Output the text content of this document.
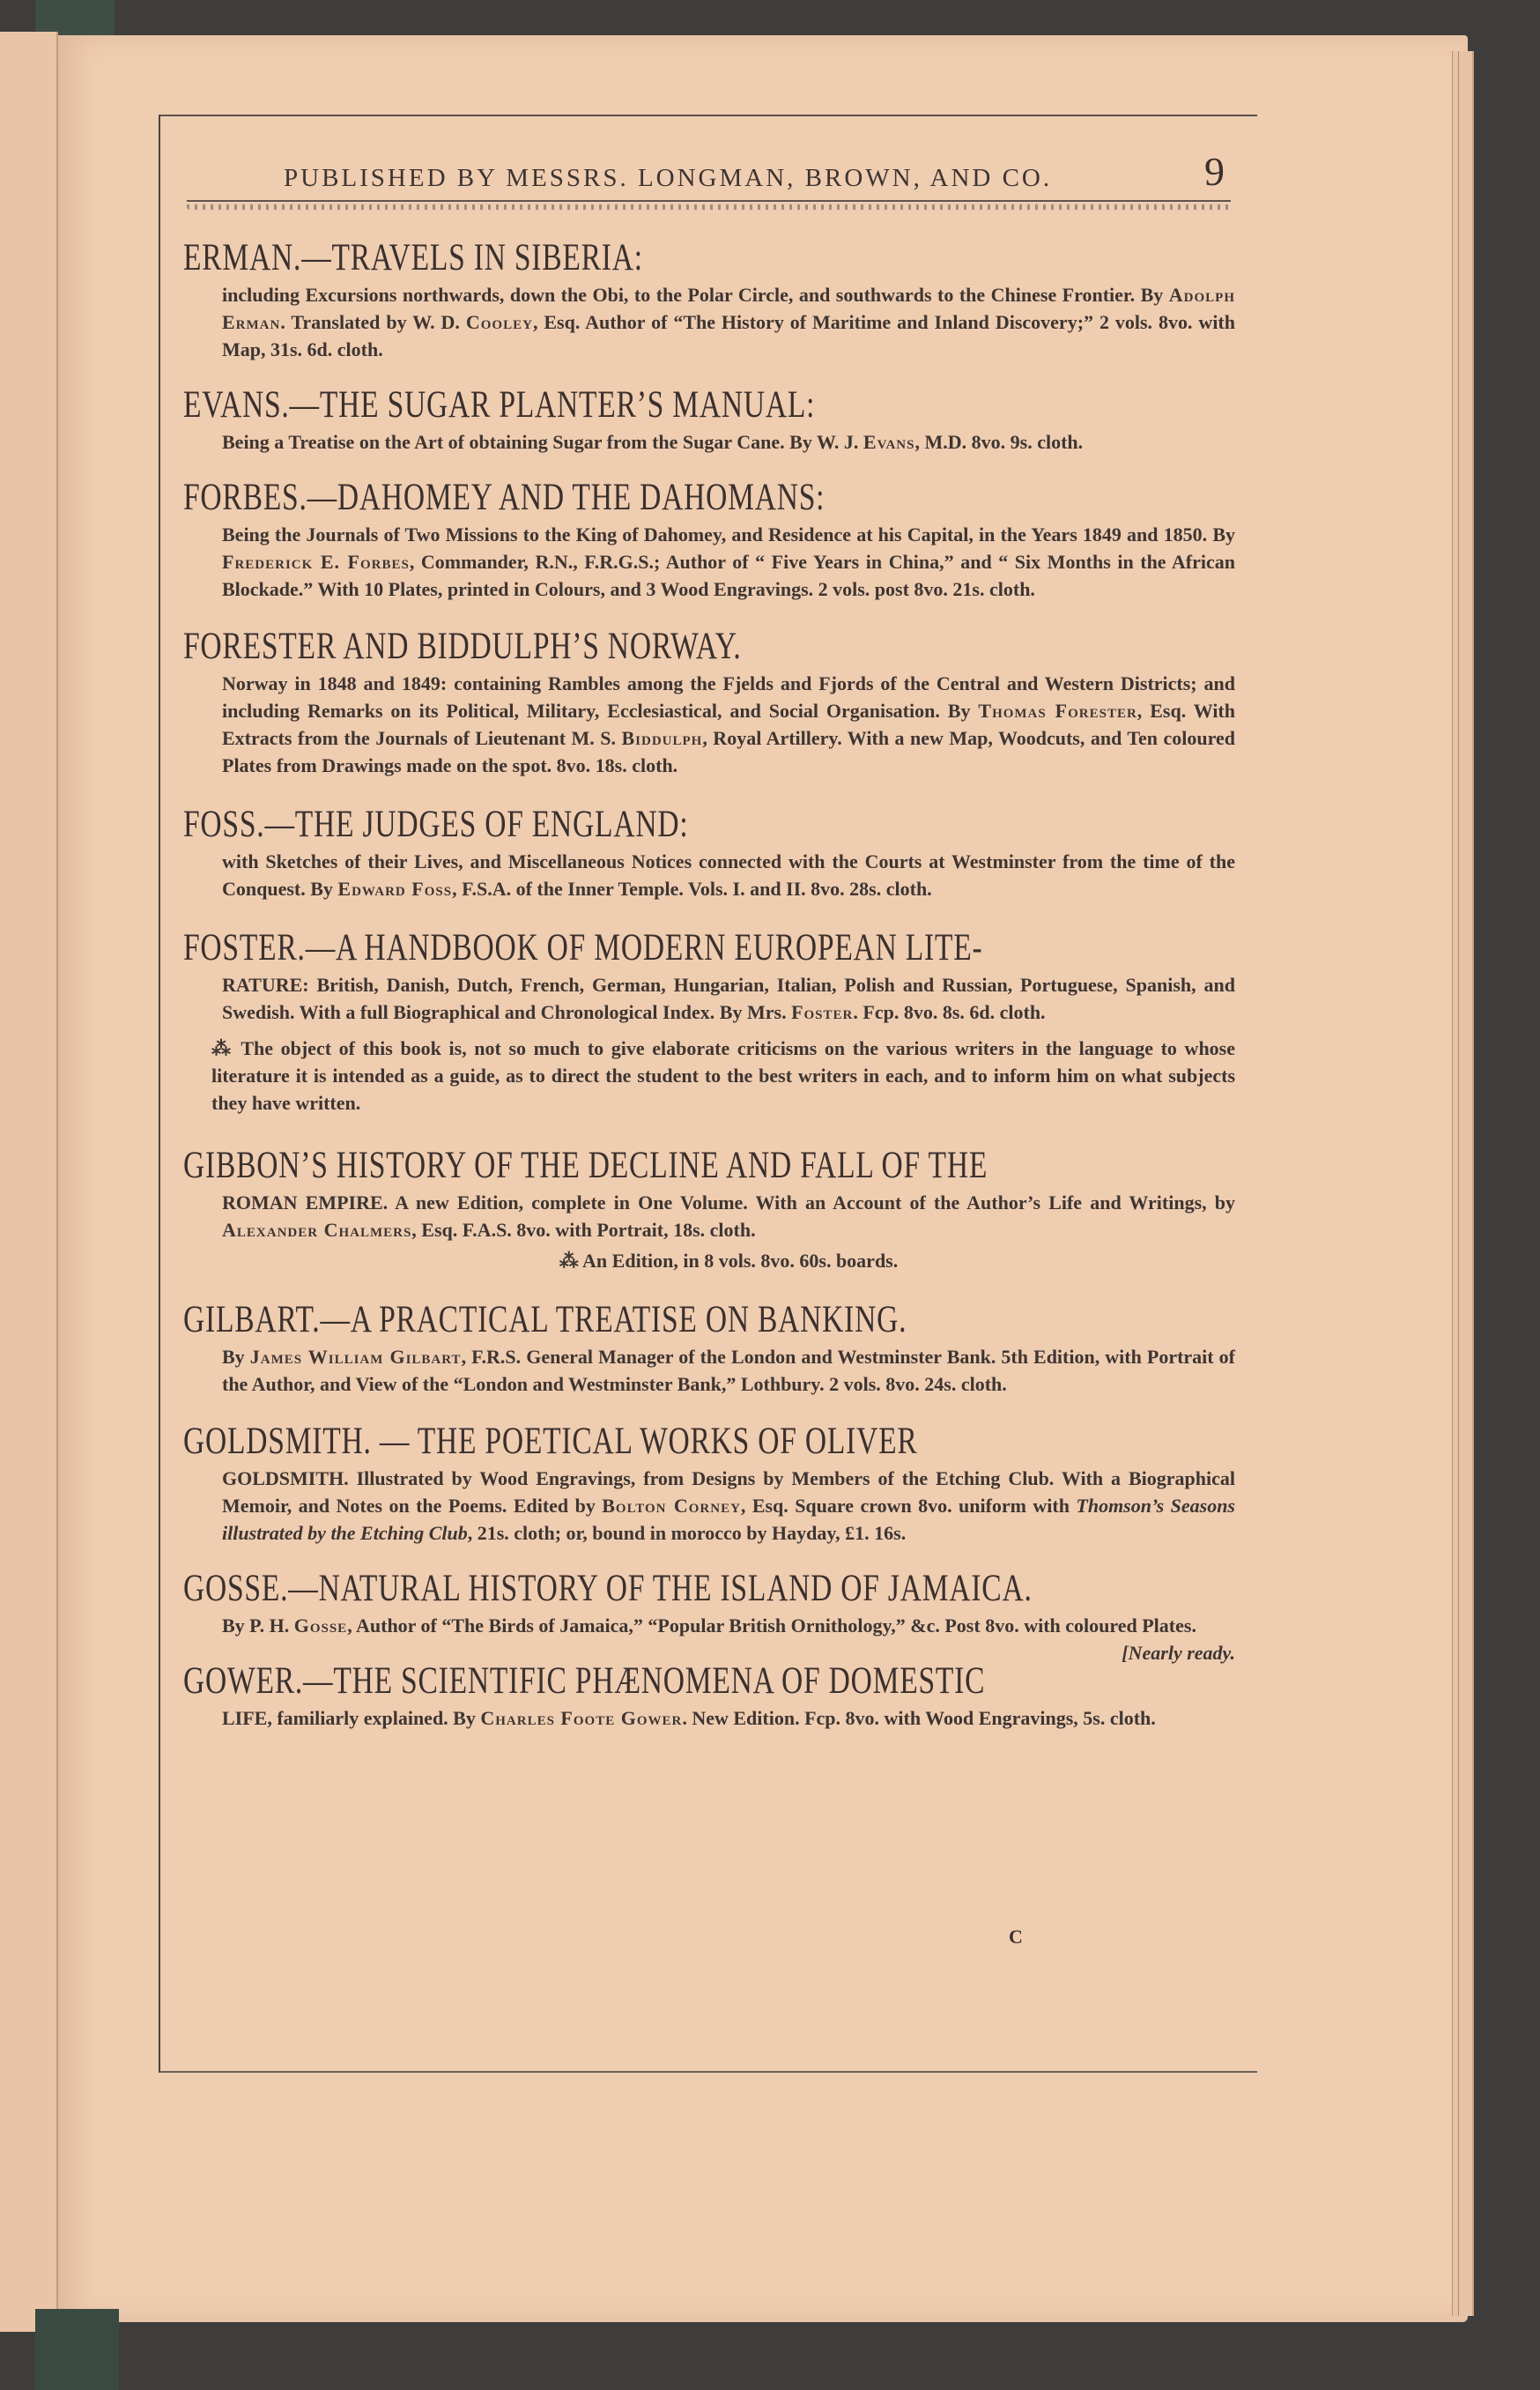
PUBLISHED BY MESSRS. LONGMAN, BROWN, AND CO.	9
ERMAN.—TRAVELS IN SIBERIA:
including Excursions northwards, down the Obi, to the Polar Circle, and southwards to the Chinese Frontier. By Adolph Erman. Translated by W. D. Cooley, Esq. Author of “The History of Maritime and Inland Discovery;” 2 vols. 8vo. with Map, 31s. 6d. cloth.
EVANS.—THE SUGAR PLANTER’S MANUAL:
Being a Treatise on the Art of obtaining Sugar from the Sugar Cane. By W. J. Evans, M.D. 8vo. 9s. cloth.
FORBES.—DAHOMEY AND THE DAHOMANS:
Being the Journals of Two Missions to the King of Dahomey, and Residence at his Capital, in the Years 1849 and 1850. By Frederick E. Forbes, Commander, R.N., F.R.G.S.; Author of “ Five Years in China,” and “ Six Months in the African Blockade.” With 10 Plates, printed in Colours, and 3 Wood Engravings. 2 vols. post 8vo. 21s. cloth.
FORESTER AND BIDDULPH’S NORWAY.
Norway in 1848 and 1849: containing Rambles among the Fjelds and Fjords of the Central and Western Districts; and including Remarks on its Political, Military, Ecclesiastical, and Social Organisation. By Thomas Forester, Esq. With Extracts from the Journals of Lieutenant M. S. Biddulph, Royal Artillery. With a new Map, Woodcuts, and Ten coloured Plates from Drawings made on the spot. 8vo. 18s. cloth.
FOSS.—THE JUDGES OF ENGLAND:
with Sketches of their Lives, and Miscellaneous Notices connected with the Courts at Westminster from the time of the Conquest. By Edward Foss, F.S.A. of the Inner Temple. Vols. I. and II. 8vo. 28s. cloth.
FOSTER.—A HANDBOOK OF MODERN EUROPEAN LITE-
RATURE: British, Danish, Dutch, French, German, Hungarian, Italian, Polish and Russian, Portuguese, Spanish, and Swedish. With a full Biographical and Chronological Index. By Mrs. Foster. Fcp. 8vo. 8s. 6d. cloth.
⁂ The object of this book is, not so much to give elaborate criticisms on the various writers in the language to whose literature it is intended as a guide, as to direct the student to the best writers in each, and to inform him on what subjects they have written.
GIBBON’S HISTORY OF THE DECLINE AND FALL OF THE
ROMAN EMPIRE. A new Edition, complete in One Volume. With an Account of the Author’s Life and Writings, by Alexander Chalmers, Esq. F.A.S. 8vo. with Portrait, 18s. cloth.
⁂ An Edition, in 8 vols. 8vo. 60s. boards.
GILBART.—A PRACTICAL TREATISE ON BANKING.
By James William Gilbart, F.R.S. General Manager of the London and Westminster Bank. 5th Edition, with Portrait of the Author, and View of the “London and Westminster Bank,” Lothbury. 2 vols. 8vo. 24s. cloth.
GOLDSMITH. — THE POETICAL WORKS OF OLIVER
GOLDSMITH. Illustrated by Wood Engravings, from Designs by Members of the Etching Club. With a Biographical Memoir, and Notes on the Poems. Edited by Bolton Corney, Esq. Square crown 8vo. uniform with Thomson’s Seasons illustrated by the Etching Club, 21s. cloth; or, bound in morocco by Hayday, £1. 16s.
GOSSE.—NATURAL HISTORY OF THE ISLAND OF JAMAICA.
By P. H. Gosse, Author of “The Birds of Jamaica,” “Popular British Ornithology,” &c. Post 8vo. with coloured Plates.
[Nearly ready.
GOWER.—THE SCIENTIFIC PHÆNOMENA OF DOMESTIC
LIFE, familiarly explained. By Charles Foote Gower. New Edition. Fcp. 8vo. with Wood Engravings, 5s. cloth.
C
